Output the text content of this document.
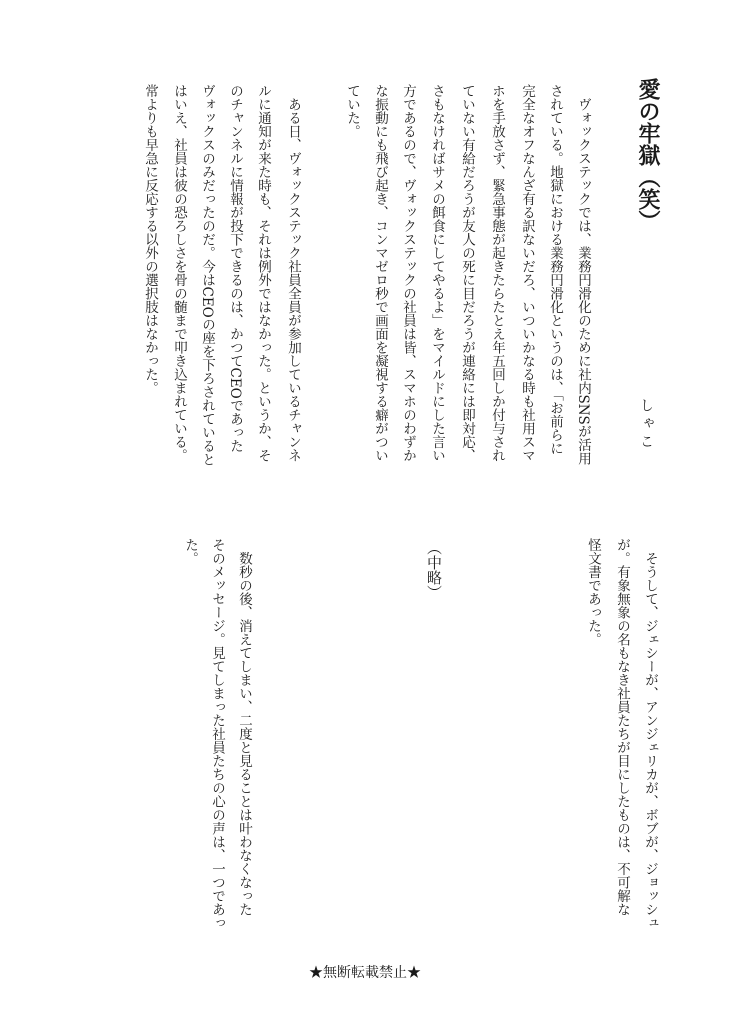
愛の牢獄（笑）
しゃこ
　ヴォックステックでは、業務円滑化のために社内SNSが活用
されている。地獄における業務円滑化というのは、「お前らに
完全なオフなんざ有る訳ないだろ、いついかなる時も社用スマ
ホを手放さず、緊急事態が起きたらたとえ年五回しか付与され
ていない有給だろうが友人の死に目だろうが連絡には即対応、
さもなければサメの餌食にしてやるよ」をマイルドにした言い
方であるので、ヴォックステックの社員は皆、スマホのわずか
な振動にも飛び起き、コンマゼロ秒で画面を凝視する癖がつい
ていた。
　ある日、ヴォックステック社員全員が参加しているチャンネ
ルに通知が来た時も、それは例外ではなかった。というか、そ
のチャンネルに情報が投下できるのは、かつてCEOであった
ヴォックスのみだったのだ。今はCEOの座を下ろされていると
はいえ、社員は彼の恐ろしさを骨の髄まで叩き込まれている。
常よりも早急に反応する以外の選択肢はなかった。
　そうして、ジェシーが、アンジェリカが、ボブが、ジョッシュ
が。有象無象の名もなき社員たちが目にしたものは、不可解な
怪文書であった。
（中略）
　数秒の後、消えてしまい、二度と見ることは叶わなくなった
そのメッセージ。見てしまった社員たちの心の声は、一つであっ
た。
★無断転載禁止★
